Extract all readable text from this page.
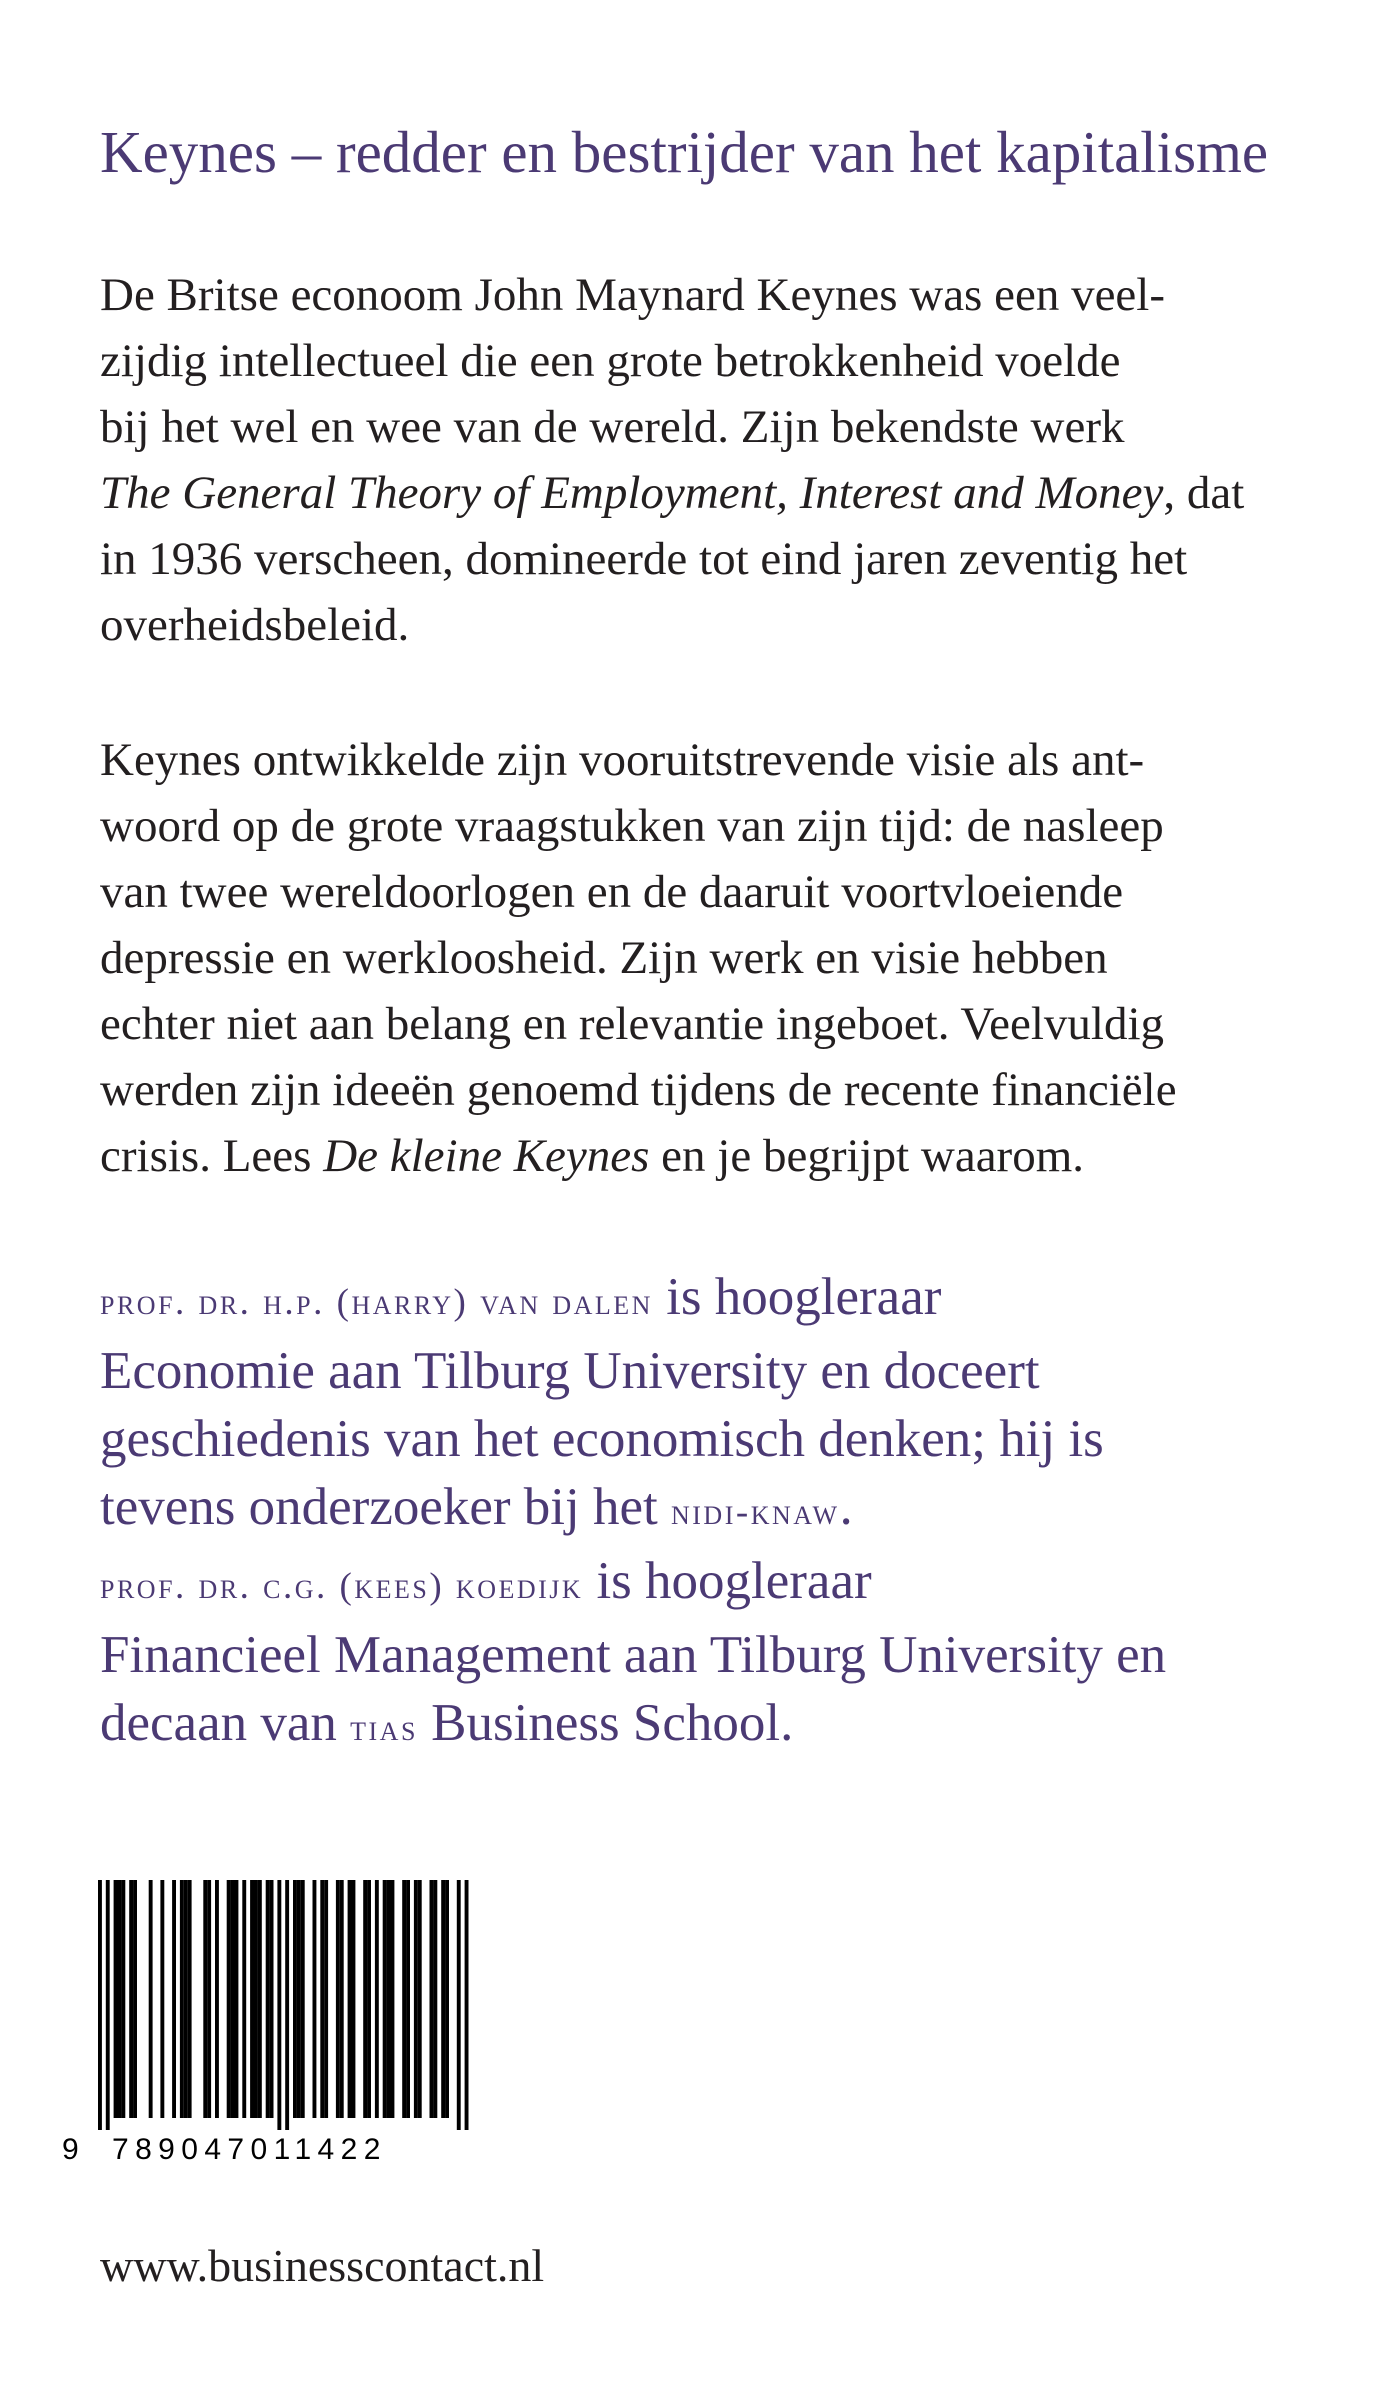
Keynes – redder en bestrijder van het kapitalisme

De Britse econoom John Maynard Keynes was een veel-
zijdig intellectueel die een grote betrokkenheid voelde
bij het wel en wee van de wereld. Zijn bekendste werk
The General Theory of Employment, Interest and Money, dat
in 1936 verscheen, domineerde tot eind jaren zeventig het
overheidsbeleid.

Keynes ontwikkelde zijn vooruitstrevende visie als ant-
woord op de grote vraagstukken van zijn tijd: de nasleep
van twee wereldoorlogen en de daaruit voortvloeiende
depressie en werkloosheid. Zijn werk en visie hebben
echter niet aan belang en relevantie ingeboet. Veelvuldig
werden zijn ideeën genoemd tijdens de recente financiële
crisis. Lees De kleine Keynes en je begrijpt waarom.

prof. dr. h.p. (harry) van dalen is hoogleraar
Economie aan Tilburg University en doceert
geschiedenis van het economisch denken; hij is
tevens onderzoeker bij het nidi-knaw.
prof. dr. c.g. (kees) koedijk is hoogleraar
Financieel Management aan Tilburg University en
decaan van tias Business School.
9 789047011422
www.businesscontact.nl
